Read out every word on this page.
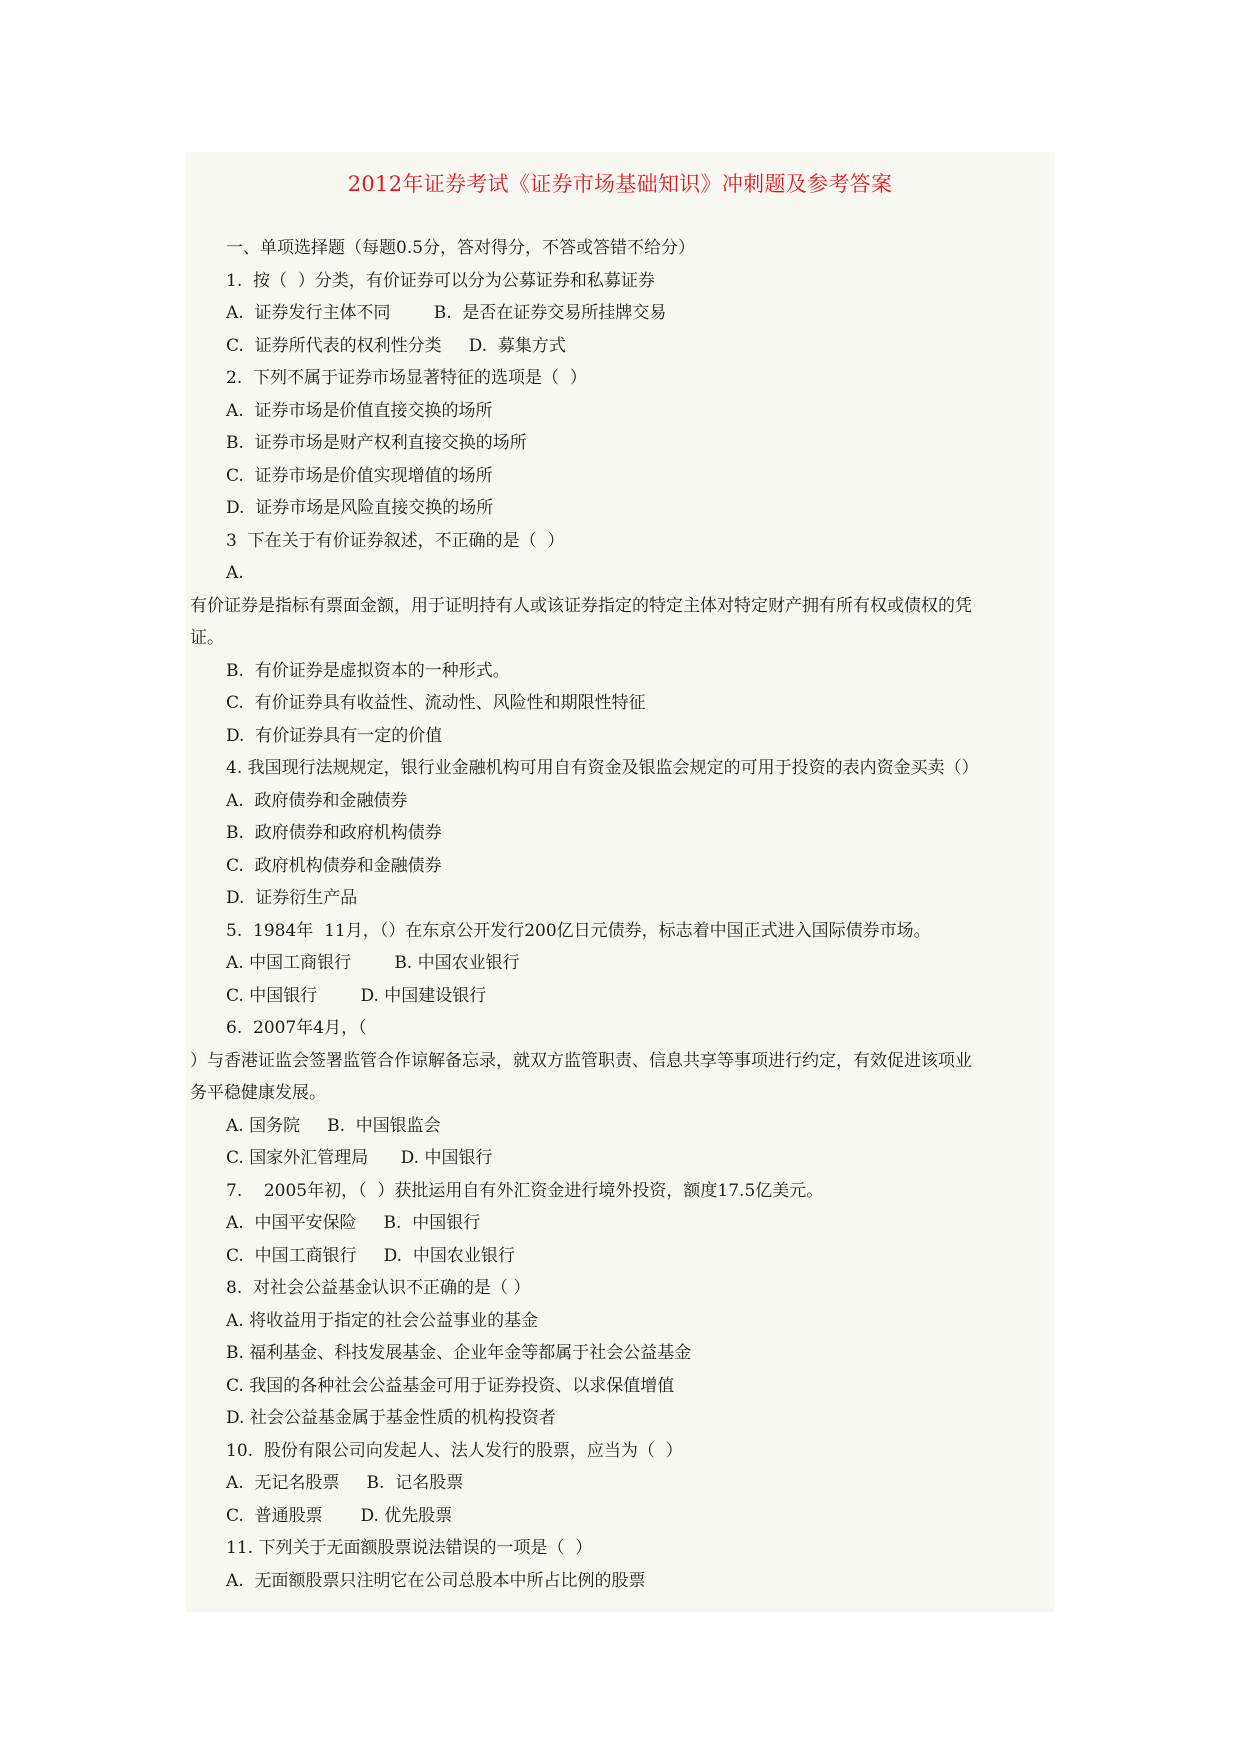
2012年证券考试《证券市场基础知识》冲刺题及参考答案
一、单项选择题（每题0.5分，答对得分，不答或答错不给分）
1.  按（  ）分类，有价证券可以分为公募证券和私募证券
A.  证券发行主体不同        B.  是否在证券交易所挂牌交易
C.  证券所代表的权利性分类     D.  募集方式
2.  下列不属于证券市场显著特征的选项是（  ）
A.  证券市场是价值直接交换的场所
B.  证券市场是财产权利直接交换的场所
C.  证券市场是价值实现增值的场所
D.  证券市场是风险直接交换的场所
3  下在关于有价证券叙述，不正确的是（  ）
A.
有价证券是指标有票面金额，用于证明持有人或该证券指定的特定主体对特定财产拥有所有权或债权的凭
证。
B.  有价证券是虚拟资本的一种形式。
C.  有价证券具有收益性、流动性、风险性和期限性特征
D.  有价证券具有一定的价值
4. 我国现行法规规定，银行业金融机构可用自有资金及银监会规定的可用于投资的表内资金买卖（）
A.  政府债券和金融债券
B.  政府债券和政府机构债券
C.  政府机构债券和金融债券
D.  证券衍生产品
5.  1984年  11月，（）在东京公开发行200亿日元债券，标志着中国正式进入国际债券市场。
A. 中国工商银行        B. 中国农业银行
C. 中国银行        D. 中国建设银行
6.  2007年4月，（
）与香港证监会签署监管合作谅解备忘录，就双方监管职责、信息共享等事项进行约定，有效促进该项业
务平稳健康发展。
A. 国务院     B.  中国银监会
C. 国家外汇管理局      D. 中国银行
7.    2005年初，（  ）获批运用自有外汇资金进行境外投资，额度17.5亿美元。
A.  中国平安保险     B.  中国银行
C.  中国工商银行     D.  中国农业银行
8.  对社会公益基金认识不正确的是（ ）
A. 将收益用于指定的社会公益事业的基金
B. 福利基金、科技发展基金、企业年金等都属于社会公益基金
C. 我国的各种社会公益基金可用于证券投资、以求保值增值
D. 社会公益基金属于基金性质的机构投资者
10.  股份有限公司向发起人、法人发行的股票，应当为（  ）
A.  无记名股票     B.  记名股票
C.  普通股票       D. 优先股票
11. 下列关于无面额股票说法错误的一项是（  ）
A.  无面额股票只注明它在公司总股本中所占比例的股票
